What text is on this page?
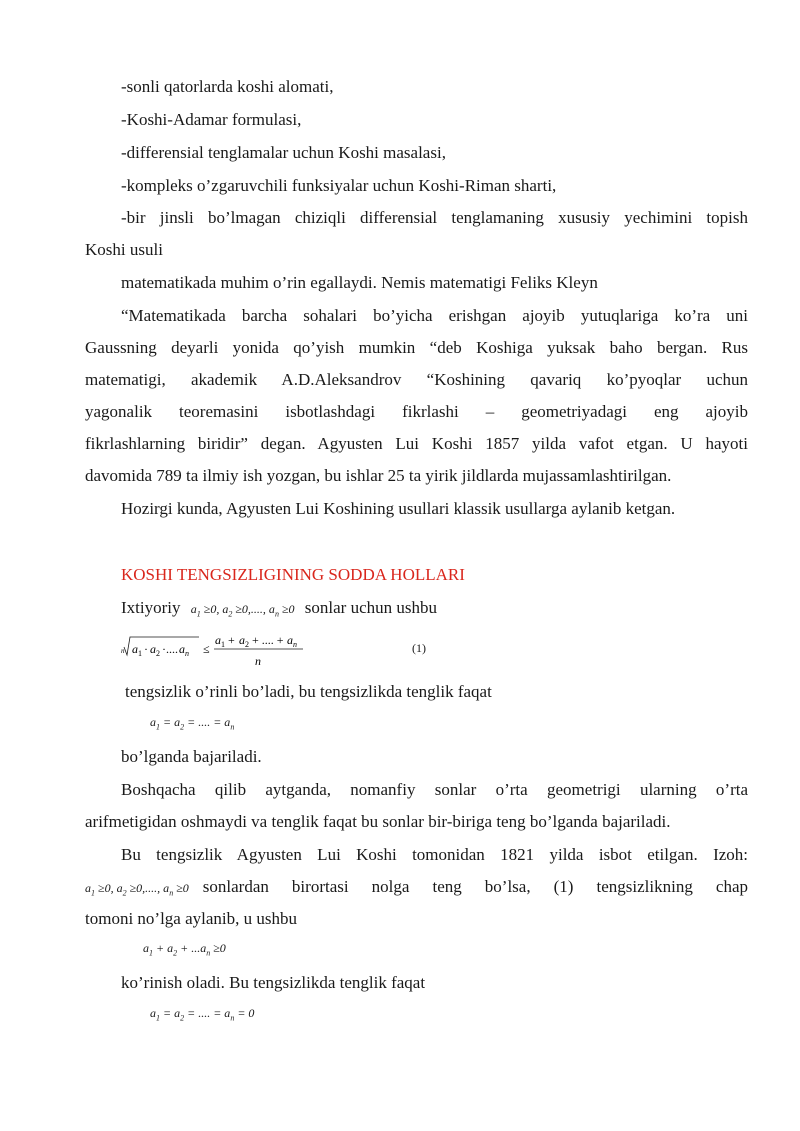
-sonli qatorlarda koshi alomati,
-Koshi-Adamar formulasi,
-differensial tenglamalar uchun Koshi masalasi,
-kompleks o’zgaruvchili funksiyalar uchun Koshi-Riman sharti,
-bir jinsli bo’lmagan chiziqli differensial tenglamaning xususiy yechimini topish
Koshi usuli
matematikada muhim o’rin egallaydi. Nemis matematigi Feliks Kleyn
“Matematikada barcha sohalari bo’yicha erishgan ajoyib yutuqlariga ko’ra uni
Gaussning deyarli yonida qo’yish mumkin “deb Koshiga yuksak baho bergan. Rus
matematigi, akademik A.D.Aleksandrov “Koshining qavariq ko’pyoqlar uchun
yagonalik teoremasini isbotlashdagi fikrlashi – geometriyadagi eng ajoyib
fikrlashlarning biridir” degan. Agyusten Lui Koshi 1857 yilda vafot etgan. U hayoti
davomida 789 ta ilmiy ish yozgan, bu ishlar 25 ta yirik jildlarda mujassamlashtirilgan.
Hozirgi kunda, Agyusten Lui Koshining usullari klassik usullarga aylanib ketgan.
KOSHI TENGSIZLIGINING SODDA HOLLARI
Ixtiyoriy $a_1 \ge 0$, $a_2 \ge 0$,...., $a_n \ge 0$ sonlar uchun ushbu
n a 1 · a 2 ·.... a n ≤
a 1 + a 2 + .... + a n
n
(1)
tengsizlik o’rinli bo’ladi, bu tengsizlikda tenglik faqat
$a_1 = a_2$ = .... = $a_n$
bo’lganda bajariladi.
Boshqacha qilib aytganda, nomanfiy sonlar o’rta geometrigi ularning o’rta
arifmetigidan oshmaydi va tenglik faqat bu sonlar bir-biriga teng bo’lganda bajariladi.
Bu tengsizlik Agyusten Lui Koshi tomonidan 1821 yilda isbot etilgan. Izoh:
$a_1 \ge 0$, $a_2 \ge 0$,...., $a_n \ge 0$ sonlardan birortasi nolga teng bo’lsa, (1) tengsizlikning chap
tomoni no’lga aylanib, u ushbu
$a_1 + a_2 + ...a_n \ge 0$
ko’rinish oladi. Bu tengsizlikda tenglik faqat
$a_1 = a_2$ = .... = $a_n = 0$
